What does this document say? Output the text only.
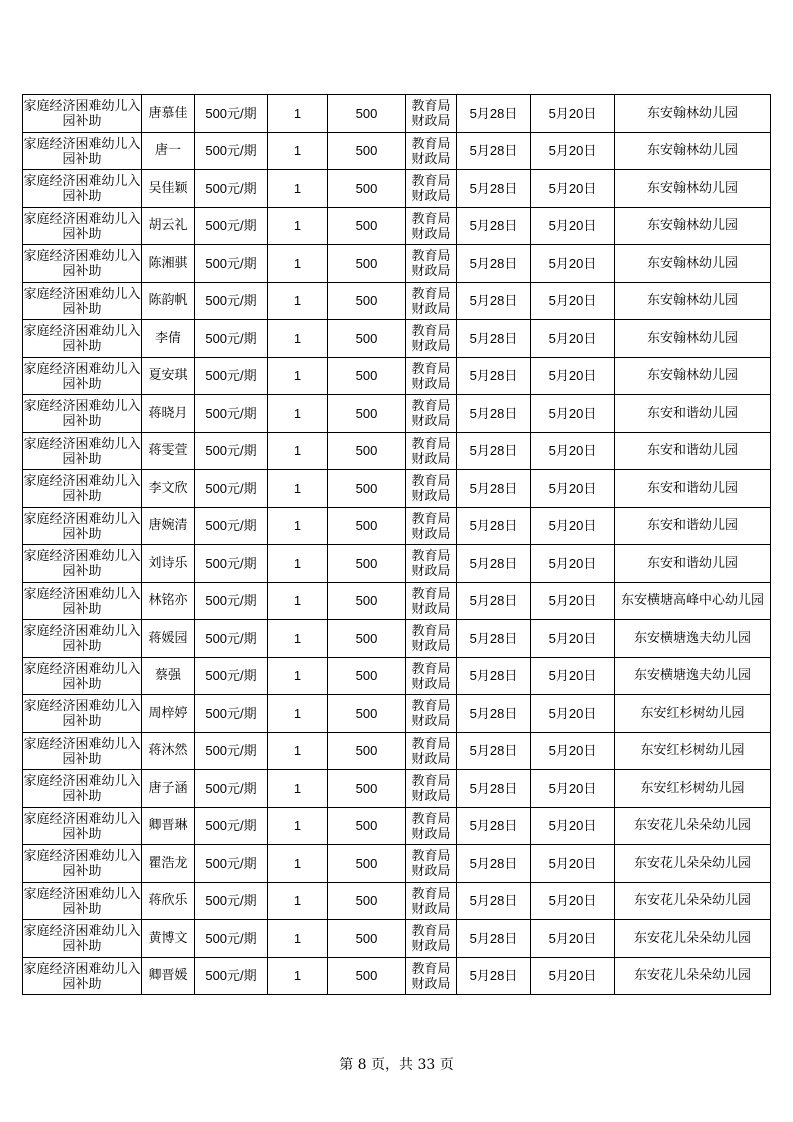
家庭经济困难幼儿入园补助	唐慕佳	500元/期	1	500	教育局财政局	5月28日	5月20日	东安翰林幼儿园
家庭经济困难幼儿入园补助	唐一	500元/期	1	500	教育局财政局	5月28日	5月20日	东安翰林幼儿园
家庭经济困难幼儿入园补助	吴佳颖	500元/期	1	500	教育局财政局	5月28日	5月20日	东安翰林幼儿园
家庭经济困难幼儿入园补助	胡云礼	500元/期	1	500	教育局财政局	5月28日	5月20日	东安翰林幼儿园
家庭经济困难幼儿入园补助	陈湘骐	500元/期	1	500	教育局财政局	5月28日	5月20日	东安翰林幼儿园
家庭经济困难幼儿入园补助	陈韵帆	500元/期	1	500	教育局财政局	5月28日	5月20日	东安翰林幼儿园
家庭经济困难幼儿入园补助	李倩	500元/期	1	500	教育局财政局	5月28日	5月20日	东安翰林幼儿园
家庭经济困难幼儿入园补助	夏安琪	500元/期	1	500	教育局财政局	5月28日	5月20日	东安翰林幼儿园
家庭经济困难幼儿入园补助	蒋晓月	500元/期	1	500	教育局财政局	5月28日	5月20日	东安和谐幼儿园
家庭经济困难幼儿入园补助	蒋雯萱	500元/期	1	500	教育局财政局	5月28日	5月20日	东安和谐幼儿园
家庭经济困难幼儿入园补助	李文欣	500元/期	1	500	教育局财政局	5月28日	5月20日	东安和谐幼儿园
家庭经济困难幼儿入园补助	唐婉清	500元/期	1	500	教育局财政局	5月28日	5月20日	东安和谐幼儿园
家庭经济困难幼儿入园补助	刘诗乐	500元/期	1	500	教育局财政局	5月28日	5月20日	东安和谐幼儿园
家庭经济困难幼儿入园补助	林铭亦	500元/期	1	500	教育局财政局	5月28日	5月20日	东安横塘高峰中心幼儿园
家庭经济困难幼儿入园补助	蒋媛园	500元/期	1	500	教育局财政局	5月28日	5月20日	东安横塘逸夫幼儿园
家庭经济困难幼儿入园补助	蔡强	500元/期	1	500	教育局财政局	5月28日	5月20日	东安横塘逸夫幼儿园
家庭经济困难幼儿入园补助	周梓婷	500元/期	1	500	教育局财政局	5月28日	5月20日	东安红杉树幼儿园
家庭经济困难幼儿入园补助	蒋沐然	500元/期	1	500	教育局财政局	5月28日	5月20日	东安红杉树幼儿园
家庭经济困难幼儿入园补助	唐子涵	500元/期	1	500	教育局财政局	5月28日	5月20日	东安红杉树幼儿园
家庭经济困难幼儿入园补助	卿晋琳	500元/期	1	500	教育局财政局	5月28日	5月20日	东安花儿朵朵幼儿园
家庭经济困难幼儿入园补助	瞿浩龙	500元/期	1	500	教育局财政局	5月28日	5月20日	东安花儿朵朵幼儿园
家庭经济困难幼儿入园补助	蒋欣乐	500元/期	1	500	教育局财政局	5月28日	5月20日	东安花儿朵朵幼儿园
家庭经济困难幼儿入园补助	黄博文	500元/期	1	500	教育局财政局	5月28日	5月20日	东安花儿朵朵幼儿园
家庭经济困难幼儿入园补助	卿晋媛	500元/期	1	500	教育局财政局	5月28日	5月20日	东安花儿朵朵幼儿园
第 8 页，共 33 页
